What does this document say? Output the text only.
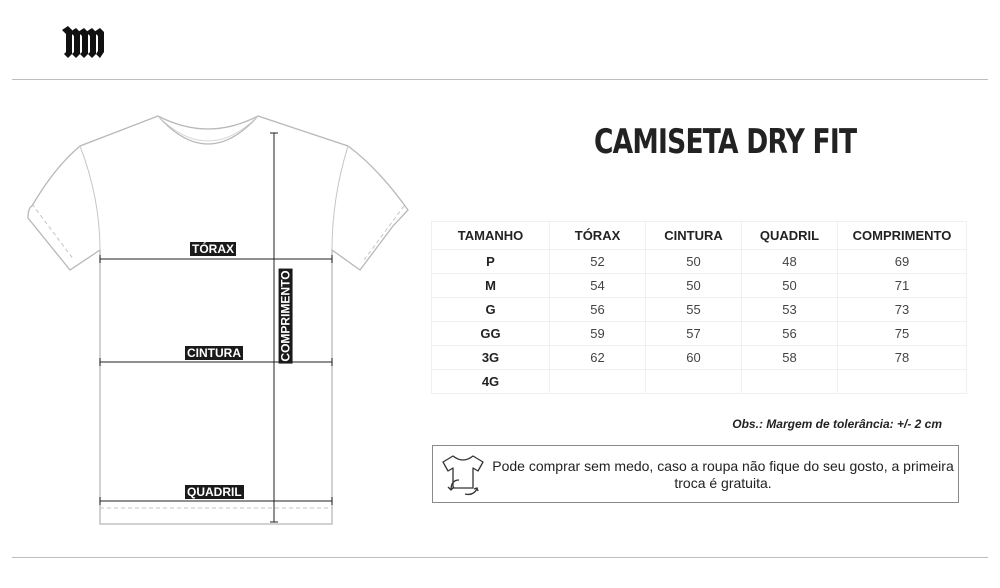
TÓRAX
CINTURA
QUADRIL
COMPRIMENTO
CAMISETA DRY FIT
TAMANHO	TÓRAX	CINTURA	QUADRIL	COMPRIMENTO
P	52	50	48	69
M	54	50	50	71
G	56	55	53	73
GG	59	57	56	75
3G	62	60	58	78
4G				
Obs.: Margem de tolerância: +/- 2 cm
Pode comprar sem medo, caso a roupa não fique do seu gosto, a primeira troca é gratuita.
